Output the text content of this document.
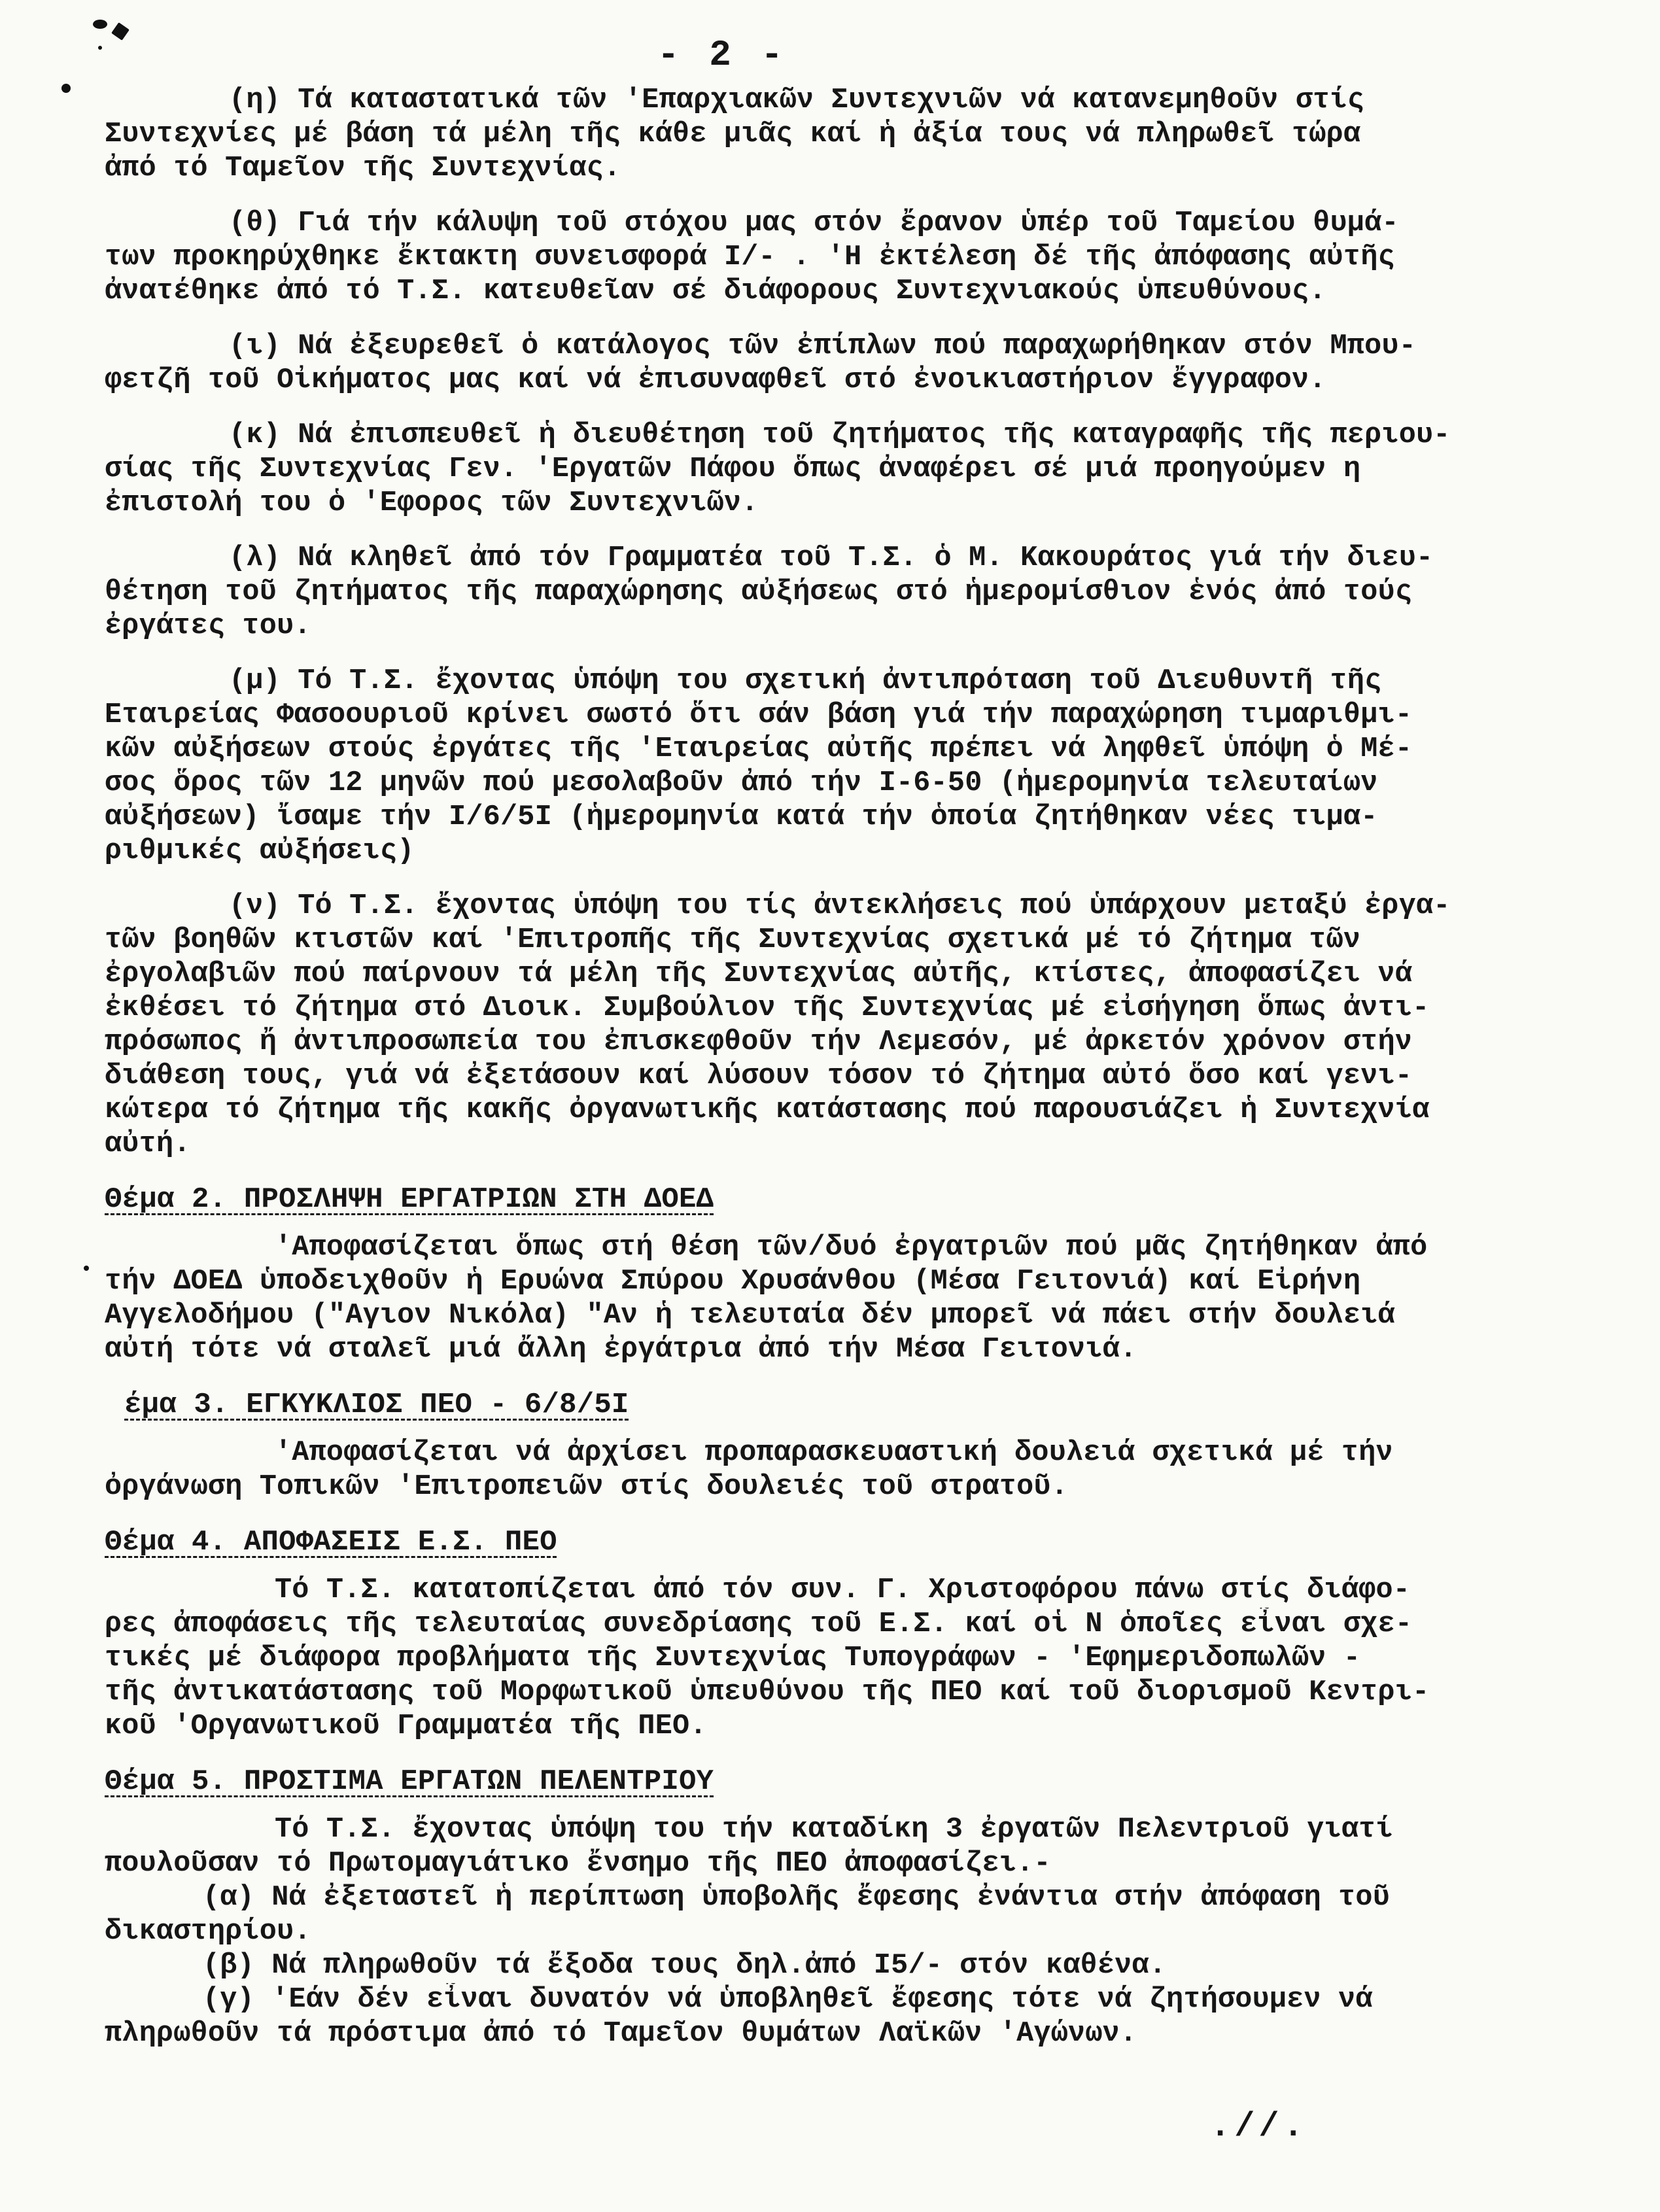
- 2 -
(η) Τά καταστατικά τῶν 'Επαρχιακῶν Συντεχνιῶν νά κατανεμηθοῦν στίς
Συντεχνίες μέ βάση τά μέλη τῆς κάθε μιᾶς καί ἡ ἀξία τους νά πληρωθεῖ τώρα
ἀπό τό Ταμεῖον τῆς Συντεχνίας.
(θ) Γιά τήν κάλυψη τοῦ στόχου μας στόν ἔρανον ὑπέρ τοῦ Ταμείου θυμά-
των προκηρύχθηκε ἔκτακτη συνεισφορά I/- . 'Η ἐκτέλεση δέ τῆς ἀπόφασης αὐτῆς
ἀνατέθηκε ἀπό τό Τ.Σ. κατευθεῖαν σέ διάφορους Συντεχνιακούς ὑπευθύνους.
(ι) Νά ἐξευρεθεῖ ὁ κατάλογος τῶν ἐπίπλων πού παραχωρήθηκαν στόν Μπου-
φετζῆ τοῦ Οἰκήματος μας καί νά ἐπισυναφθεῖ στό ἐνοικιαστήριον ἔγγραφον.
(κ) Νά ἐπισπευθεῖ ἡ διευθέτηση τοῦ ζητήματος τῆς καταγραφῆς τῆς περιου-
σίας τῆς Συντεχνίας Γεν. 'Εργατῶν Πάφου ὅπως ἀναφέρει σέ μιά προηγούμεν η
ἐπιστολή του ὁ 'Εφορος τῶν Συντεχνιῶν.
(λ) Νά κληθεῖ ἀπό τόν Γραμματέα τοῦ Τ.Σ. ὁ Μ. Κακουράτος γιά τήν διευ-
θέτηση τοῦ ζητήματος τῆς παραχώρησης αὐξήσεως στό ἡμερομίσθιον ἑνός ἀπό τούς
ἐργάτες του.
(μ) Τό Τ.Σ. ἔχοντας ὑπόψη του σχετική ἀντιπρόταση τοῦ Διευθυντῆ τῆς
Εταιρείας Φασοουριοῦ κρίνει σωστό ὅτι σάν βάση γιά τήν παραχώρηση τιμαριθμι-
κῶν αὐξήσεων στούς ἐργάτες τῆς 'Εταιρείας αὐτῆς πρέπει νά ληφθεῖ ὑπόψη ὁ Μέ-
σος ὅρος τῶν 12 μηνῶν πού μεσολαβοῦν ἀπό τήν I-6-50 (ἡμερομηνία τελευταίων
αὐξήσεων) ἴσαμε τήν I/6/5I (ἡμερομηνία κατά τήν ὁποία ζητήθηκαν νέες τιμα-
ριθμικές αὐξήσεις)
(ν) Τό Τ.Σ. ἔχοντας ὑπόψη του τίς ἀντεκλήσεις πού ὑπάρχουν μεταξύ ἐργα-
τῶν βοηθῶν κτιστῶν καί 'Επιτροπῆς τῆς Συντεχνίας σχετικά μέ τό ζήτημα τῶν
ἐργολαβιῶν πού παίρνουν τά μέλη τῆς Συντεχνίας αὐτῆς, κτίστες, ἀποφασίζει νά
ἐκθέσει τό ζήτημα στό Διοικ. Συμβούλιον τῆς Συντεχνίας μέ εἰσήγηση ὅπως ἀντι-
πρόσωπος ἤ ἀντιπροσωπεία του ἐπισκεφθοῦν τήν Λεμεσόν, μέ ἀρκετόν χρόνον στήν
διάθεση τους, γιά νά ἐξετάσουν καί λύσουν τόσον τό ζήτημα αὐτό ὅσο καί γενι-
κώτερα τό ζήτημα τῆς κακῆς ὀργανωτικῆς κατάστασης πού παρουσιάζει ἡ Συντεχνία
αὐτή.
Θέμα 2. ΠΡΟΣΛΗΨΗ ΕΡΓΑΤΡΙΩΝ ΣΤΗ ΔΟΕΔ
'Αποφασίζεται ὅπως στή θέση τῶν/δυό ἐργατριῶν πού μᾶς ζητήθηκαν ἀπό
τήν ΔΟΕΔ ὑποδειχθοῦν ἡ Ερυώνα Σπύρου Χρυσάνθου (Μέσα Γειτονιά) καί Εἰρήνη
Αγγελοδήμου ("Αγιον Νικόλα) "Αν ἡ τελευταία δέν μπορεῖ νά πάει στήν δουλειά
αὐτή τότε νά σταλεῖ μιά ἄλλη ἐργάτρια ἀπό τήν Μέσα Γειτονιά.
έμα 3. ΕΓΚΥΚΛΙΟΣ ΠΕΟ - 6/8/5I
'Αποφασίζεται νά ἀρχίσει προπαρασκευαστική δουλειά σχετικά μέ τήν
ὀργάνωση Τοπικῶν 'Επιτροπειῶν στίς δουλειές τοῦ στρατοῦ.
Θέμα 4. ΑΠΟΦΑΣΕΙΣ Ε.Σ. ΠΕΟ
Τό Τ.Σ. κατατοπίζεται ἀπό τόν συν. Γ. Χριστοφόρου πάνω στίς διάφο-
ρες ἀποφάσεις τῆς τελευταίας συνεδρίασης τοῦ Ε.Σ. καί οἱ Ν ὁποῖες εἶναι σχε-
τικές μέ διάφορα προβλήματα τῆς Συντεχνίας Τυπογράφων - 'Εφημεριδοπωλῶν -
τῆς ἀντικατάστασης τοῦ Μορφωτικοῦ ὑπευθύνου τῆς ΠΕΟ καί τοῦ διορισμοῦ Κεντρι-
κοῦ 'Οργανωτικοῦ Γραμματέα τῆς ΠΕΟ.
Θέμα 5. ΠΡΟΣΤΙΜΑ ΕΡΓΑΤΩΝ ΠΕΛΕΝΤΡΙΟΥ
Τό Τ.Σ. ἔχοντας ὑπόψη του τήν καταδίκη 3 ἐργατῶν Πελεντριοῦ γιατί
πουλοῦσαν τό Πρωτομαγιάτικο ἔνσημο τῆς ΠΕΟ ἀποφασίζει.-
(α) Νά ἐξεταστεῖ ἡ περίπτωση ὑποβολῆς ἔφεσης ἐνάντια στήν ἀπόφαση τοῦ
δικαστηρίου.
(β) Νά πληρωθοῦν τά ἔξοδα τους δηλ.ἀπό I5/- στόν καθένα.
(γ) 'Εάν δέν εἶναι δυνατόν νά ὑποβληθεῖ ἔφεσης τότε νά ζητήσουμεν νά
πληρωθοῦν τά πρόστιμα ἀπό τό Ταμεῖον θυμάτων Λαϊκῶν 'Αγώνων.
.//.
